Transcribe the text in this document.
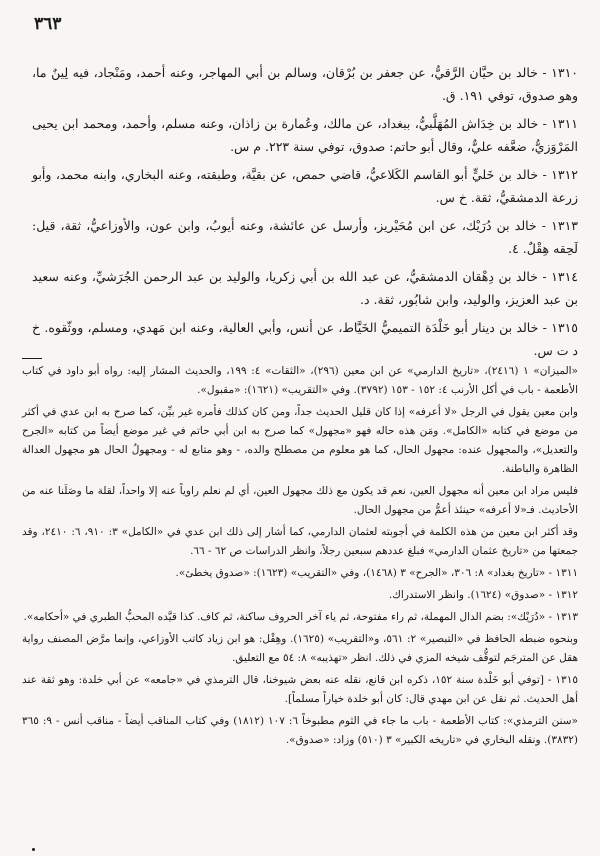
٣٦٣

١٣١٠ - خالد بن حيَّان الرَّقيُّ، عن جعفر بن بُرْقان، وسالم بن أبي المهاجر، وعنه أحمد، ومَنْجاد، فيه لِينٌ ما، وهو صدوق، توفي ١٩١. ق.

١٣١١ - خالد بن خِدَاش المُهَلَّبيُّ، ببغداد، عن مالك، وعُمارة بن زاذان، وعنه مسلم، وأحمد، ومحمد ابن يحيى المَرْوَزيُّ، ضعَّفه عليٌّ، وقال أبو حاتم: صدوق، توفي سنة ٢٢٣. م س.

١٣١٢ - خالد بن خَليٍّ أبو القاسم الكَلاعيُّ، قاضي حمص، عن بقيَّة، وطبقته، وعنه البخاري، وابنه محمد، وأبو زرعة الدمشقيُّ، ثقة. خ س.

١٣١٣ - خالد بن دُرَيْك، عن ابن مُحَيْريز، وأرسل عن عائشة، وعنه أيوبُ، وابن عون، والأوزاعيُّ، ثقة، قيل: لَحِقه هِقْلٌ. ٤.

١٣١٤ - خالد بن دِهْقان الدمشقيُّ، عن عبد الله بن أبي زكريا، والوليد بن عبد الرحمن الجُرَشيِّ، وعنه سعيد بن عبد العزيز، والوليد، وابن شابُور، ثقة. د.

١٣١٥ - خالد بن دينار أبو خَلْدَة التميميُّ الخَيَّاط، عن أنس، وأبي العالية، وعنه ابن مَهدي، ومسلم، ووثّقوه. خ د ت س.

«الميزان» ١ (٢٤١٦)، «تاريخ الدارمي» عن ابن معين (٢٩٦)، «الثقات» ٤: ١٩٩، والحديث المشار إليه: رواه أبو داود في كتاب الأطعمة - باب في أكل الأرنب ٤: ١٥٢ - ١٥٣ (٣٧٩٢). وفي «التقريب» (١٦٢١): «مقبول».

وابن معين يقول في الرجل «لا أعرفه» إذا كان قليل الحديث جداً، ومن كان كذلك فأمره غير بيِّن، كما صرح به ابن عدي في أكثر من موضع في كتابه «الكامل». ومَن هذه حاله فهو «مجهول» كما صرح به ابن أبي حاتم في غير موضع أيضاً من كتابه «الجرح والتعديل»، والمجهول عنده: مجهول الحال، كما هو معلوم من مصطلح والده، - وهو متابع له - ومجهولُ الحال هو مجهول العدالة الظاهرة والباطنة.

فليس مراد ابن معين أنه مجهول العين، نعم قد يكون مع ذلك مجهول العين، أي لم نعلم راوياً عنه إلا واحداً، لقلة ما وصَلَنا عنه من الأحاديث. فـ«لا أعرفه» حينئذ أعمُّ من مجهول الحال.

وقد أكثر ابن معين من هذه الكلمة في أجوبته لعثمان الدارمي، كما أشار إلى ذلك ابن عدي في «الكامل» ٣: ٩١٠، ٦: ٢٤١٠، وقد جمعتها من «تاريخ عثمان الدارمي» فبلغ عددهم سبعين رجلاً، وانظر الدراسات ص ٦٢ - ٦٦.

١٣١١ - «تاريخ بغداد» ٨: ٣٠٦، «الجرح» ٣ (١٤٦٨)، وفي «التقريب» (١٦٢٣): «صدوق يخطئ».

١٣١٢ - «صدوق» (١٦٢٤). وانظر الاستدراك.

١٣١٣ - «دُرَيْك»: بضم الدال المهملة، ثم راء مفتوحة، ثم ياء آخر الحروف ساكنة، ثم كاف. كذا قيَّده المحبُّ الطبري في «أحكامه».

وبنحوه ضبطه الحافظ في «التبصير» ٢: ٥٦١، و«التقريب» (١٦٢٥). وهِقْل: هو ابن زياد كاتب الأوزاعي، وإنما مرَّض المصنف رواية هقل عن المترجَم لتوقُّف شيخه المزي في ذلك. انظر «تهذيبه» ٨: ٥٤ مع التعليق.

١٣١٥ - [توفي أبو خَلْدة سنة ١٥٢، ذكره ابن قانع، نقله عنه بعض شيوخنا، قال الترمذي في «جامعه» عن أبي خلدة: وهو ثقة عند أهل الحديث. ثم نقل عن ابن مهدي قال: كان أبو خلدة خياراً مسلماً].

«سنن الترمذي»: كتاب الأطعمة - باب ما جاء في الثوم مطبوخاً ٦: ١٠٧ (١٨١٢) وفي كتاب المناقب أيضاً - مناقب أنس - ٩: ٣٦٥ (٣٨٣٢). ونقله البخاري في «تاريخه الكبير» ٣ (٥١٠) وزاد: «صدوق».
